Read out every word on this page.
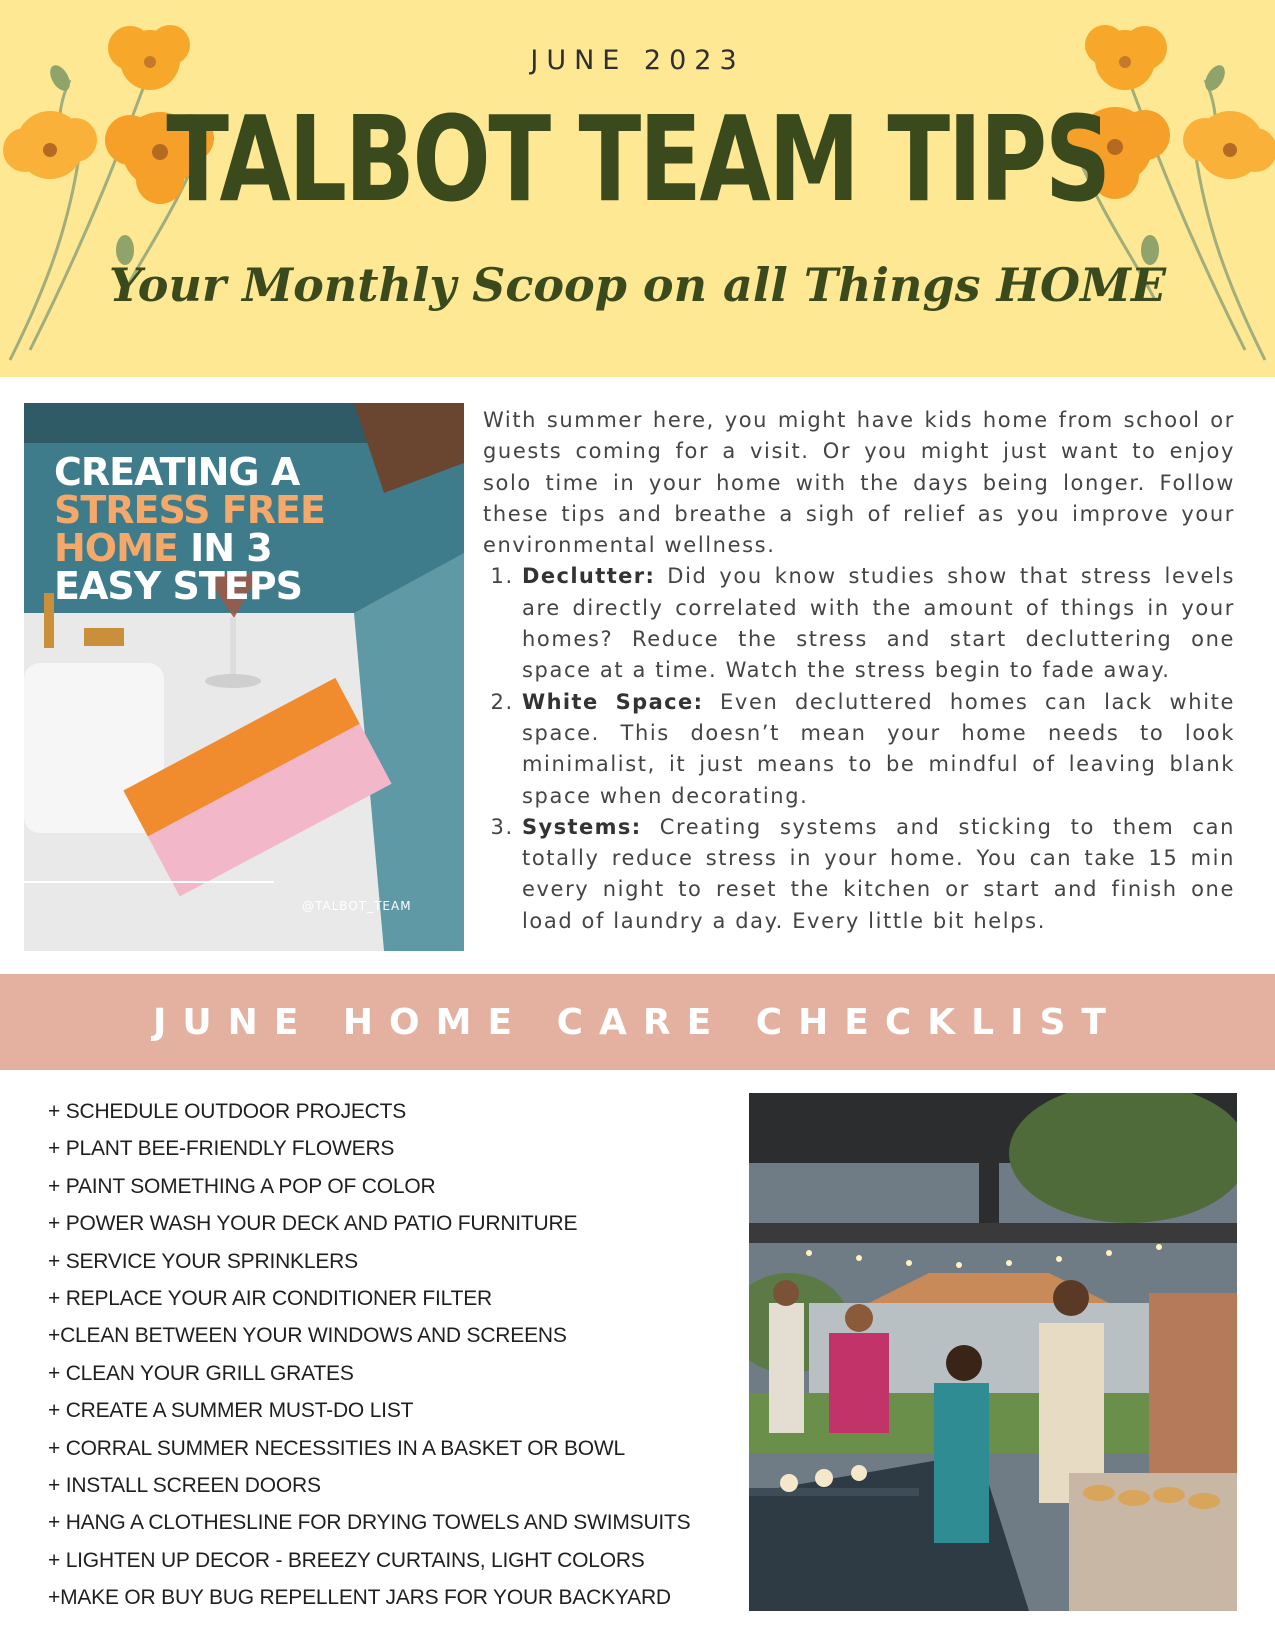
JUNE 2023
TALBOT TEAM TIPS
Your Monthly Scoop on all Things HOME
CREATING A
STRESS FREE
HOME IN 3
EASY STEPS
@TALBOT_TEAM

With summer here, you might have kids home from school or guests coming for a visit. Or you might just want to enjoy solo time in your home with the days being longer. Follow these tips and breathe a sigh of relief as you improve your environmental wellness.

1. Declutter: Did you know studies show that stress levels are directly correlated with the amount of things in your homes? Reduce the stress and start decluttering one space at a time. Watch the stress begin to fade away.
2. White Space: Even decluttered homes can lack white space. This doesn’t mean your home needs to look minimalist, it just means to be mindful of leaving blank space when decorating.
3. Systems: Creating systems and sticking to them can totally reduce stress in your home. You can take 15 min every night to reset the kitchen or start and finish one load of laundry a day. Every little bit helps.
JUNE HOME CARE CHECKLIST
+ SCHEDULE OUTDOOR PROJECTS
+ PLANT BEE-FRIENDLY FLOWERS
+ PAINT SOMETHING A POP OF COLOR
+ POWER WASH YOUR DECK AND PATIO FURNITURE
+ SERVICE YOUR SPRINKLERS
+ REPLACE YOUR AIR CONDITIONER FILTER
+CLEAN BETWEEN YOUR WINDOWS AND SCREENS
+ CLEAN YOUR GRILL GRATES
+ CREATE A SUMMER MUST-DO LIST
+ CORRAL SUMMER NECESSITIES IN A BASKET OR BOWL
+ INSTALL SCREEN DOORS
+ HANG A CLOTHESLINE FOR DRYING TOWELS AND SWIMSUITS
+ LIGHTEN UP DECOR - BREEZY CURTAINS, LIGHT COLORS
+MAKE OR BUY BUG REPELLENT JARS FOR YOUR BACKYARD
